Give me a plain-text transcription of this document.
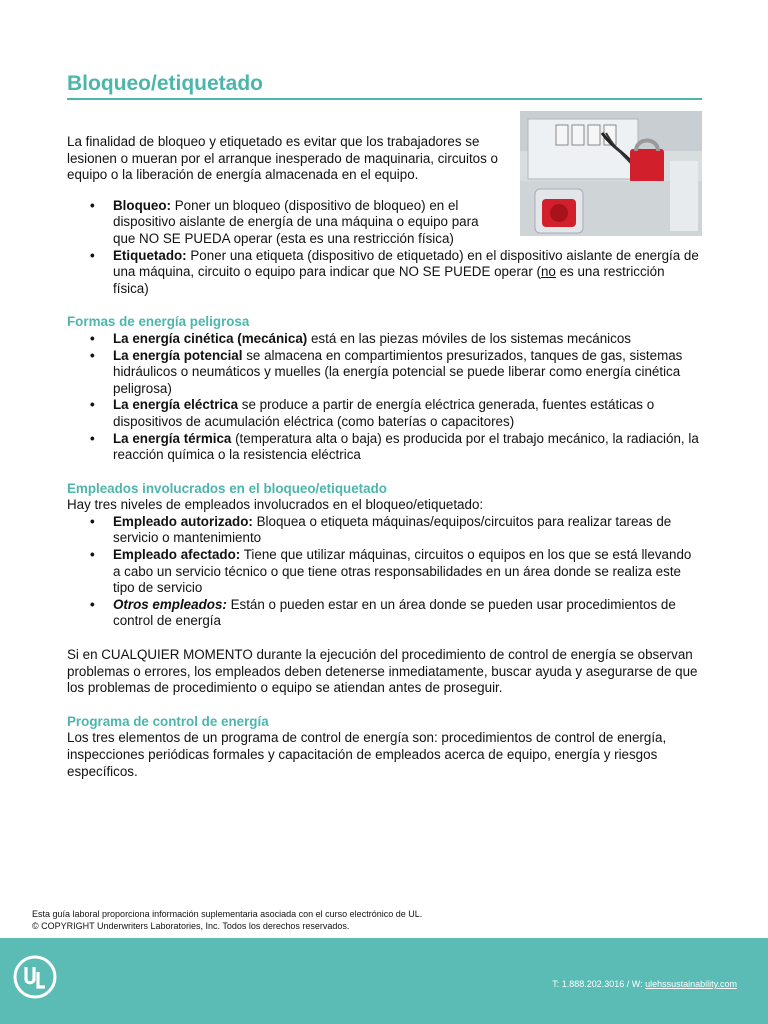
Bloqueo/etiquetado

La finalidad de bloqueo y etiquetado es evitar que los trabajadores se lesionen o mueran por el arranque inesperado de maquinaria, circuitos o equipo o la liberación de energía almacenada en el equipo.

• Bloqueo: Poner un bloqueo (dispositivo de bloqueo) en el dispositivo aislante de energía de una máquina o equipo para que NO SE PUEDA operar (esta es una restricción física)
• Etiquetado: Poner una etiqueta (dispositivo de etiquetado) en el dispositivo aislante de energía de una máquina, circuito o equipo para indicar que NO SE PUEDE operar (no es una restricción física)
Formas de energía peligrosa
• La energía cinética (mecánica) está en las piezas móviles de los sistemas mecánicos
• La energía potencial se almacena en compartimientos presurizados, tanques de gas, sistemas hidráulicos o neumáticos y muelles (la energía potencial se puede liberar como energía cinética peligrosa)
• La energía eléctrica se produce a partir de energía eléctrica generada, fuentes estáticas o dispositivos de acumulación eléctrica (como baterías o capacitores)
• La energía térmica (temperatura alta o baja) es producida por el trabajo mecánico, la radiación, la reacción química o la resistencia eléctrica
Empleados involucrados en el bloqueo/etiquetado

Hay tres niveles de empleados involucrados en el bloqueo/etiquetado:

• Empleado autorizado: Bloquea o etiqueta máquinas/equipos/circuitos para realizar tareas de servicio o mantenimiento
• Empleado afectado: Tiene que utilizar máquinas, circuitos o equipos en los que se está llevando a cabo un servicio técnico o que tiene otras responsabilidades en un área donde se realiza este tipo de servicio
• Otros empleados: Están o pueden estar en un área donde se pueden usar procedimientos de control de energía

Si en CUALQUIER MOMENTO durante la ejecución del procedimiento de control de energía se observan problemas o errores, los empleados deben detenerse inmediatamente, buscar ayuda y asegurarse de que los problemas de procedimiento o equipo se atiendan antes de proseguir.

Programa de control de energía

Los tres elementos de un programa de control de energía son: procedimientos de control de energía, inspecciones periódicas formales y capacitación de empleados acerca de equipo, energía y riesgos específicos.

Esta guía laboral proporciona información suplementaria asociada con el curso electrónico de UL.
© COPYRIGHT Underwriters Laboratories, Inc. Todos los derechos reservados.
T: 1.888.202.3016 / W: ulehssustainability.com
